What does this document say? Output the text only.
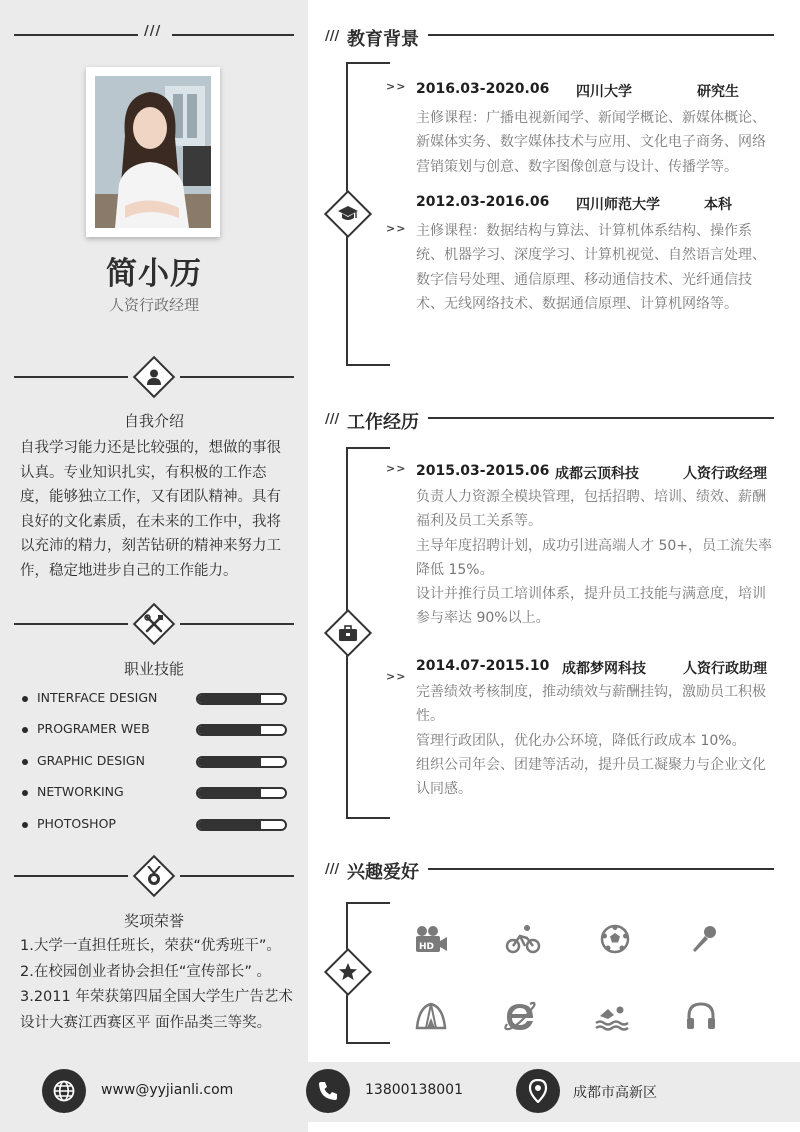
///
简小历
人资行政经理
自我介绍
自我学习能力还是比较强的，想做的事很认真。专业知识扎实，有积极的工作态度，能够独立工作，又有团队精神。具有良好的文化素质，在未来的工作中，我将以充沛的精力，刻苦钻研的精神来努力工作，稳定地进步自己的工作能力。
职业技能
INTERFACE DESIGN
PROGRAMER WEB
GRAPHIC DESIGN
NETWORKING
PHOTOSHOP
奖项荣誉
1.大学一直担任班长，荣获“优秀班干”。
2.在校园创业者协会担任“宣传部长” 。
3.2011 年荣获第四届全国大学生广告艺术设计大赛江西赛区平 面作品类三等奖。
/// 教育背景
>> 2016.03-2020.06 四川大学	研究生
主修课程：广播电视新闻学、新闻学概论、新媒体概论、新媒体实务、数字媒体技术与应用、文化电子商务、网络营销策划与创意、数字图像创意与设计、传播学等。
>>
2012.03-2016.06 四川师范大学	本科
主修课程：数据结构与算法、计算机体系结构、操作系统、机器学习、深度学习、计算机视觉、自然语言处理、数字信号处理、通信原理、移动通信技术、光纤通信技术、无线网络技术、数据通信原理、计算机网络等。
/// 工作经历
>> 2015.03-2015.06 成都云顶科技	人资行政经理
负责人力资源全模块管理，包括招聘、培训、绩效、薪酬福利及员工关系等。
主导年度招聘计划，成功引进高端人才 50+，员工流失率降低 15%。
设计并推行员工培训体系，提升员工技能与满意度，培训参与率达 90%以上。
>>
2014.07-2015.10 成都梦网科技	人资行政助理
完善绩效考核制度，推动绩效与薪酬挂钩，激励员工积极性。
管理行政团队，优化办公环境，降低行政成本 10%。
组织公司年会、团建等活动，提升员工凝聚力与企业文化认同感。
/// 兴趣爱好
HD
www@yyjianli.com	13800138001	成都市高新区
